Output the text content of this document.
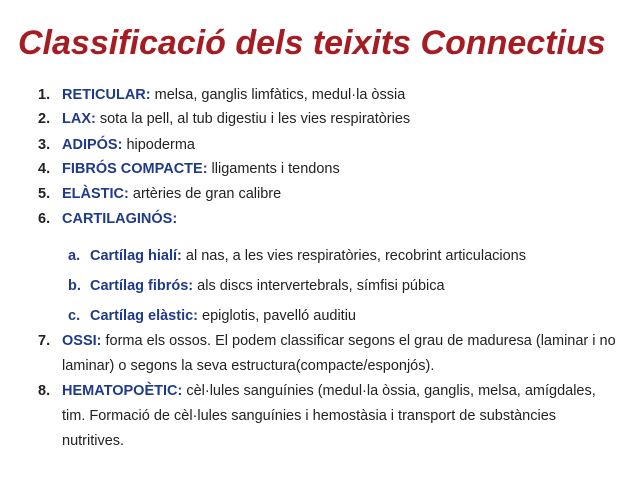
1. RETICULAR: melsa, ganglis limfàtics, medul·la òssia
2. LAX: sota la pell, al tub digestiu i les vies respiratòries
3. ADIPÓS: hipoderma
4. FIBRÓS COMPACTE: lligaments i tendons
5. ELÀSTIC: artèries de gran calibre
6. CARTILAGINÓS:
a. Cartílag hialí: al nas, a les vies respiratòries, recobrint articulacions
b. Cartílag fibrós: als discs intervertebrals, símfisi púbica
c. Cartílag elàstic: epiglotis, pavelló auditiu
7. OSSI: forma els ossos. El podem classificar segons el grau de maduresa (laminar i no
laminar) o segons la seva estructura(compacte/esponjós).
8. HEMATOPOÈTIC: cèl·lules sanguínies (medul·la òssia, ganglis, melsa, amígdales,
tim. Formació de cèl·lules sanguínies i hemostàsia i transport de substàncies
nutritives.
Classificació dels teixits Connectius
